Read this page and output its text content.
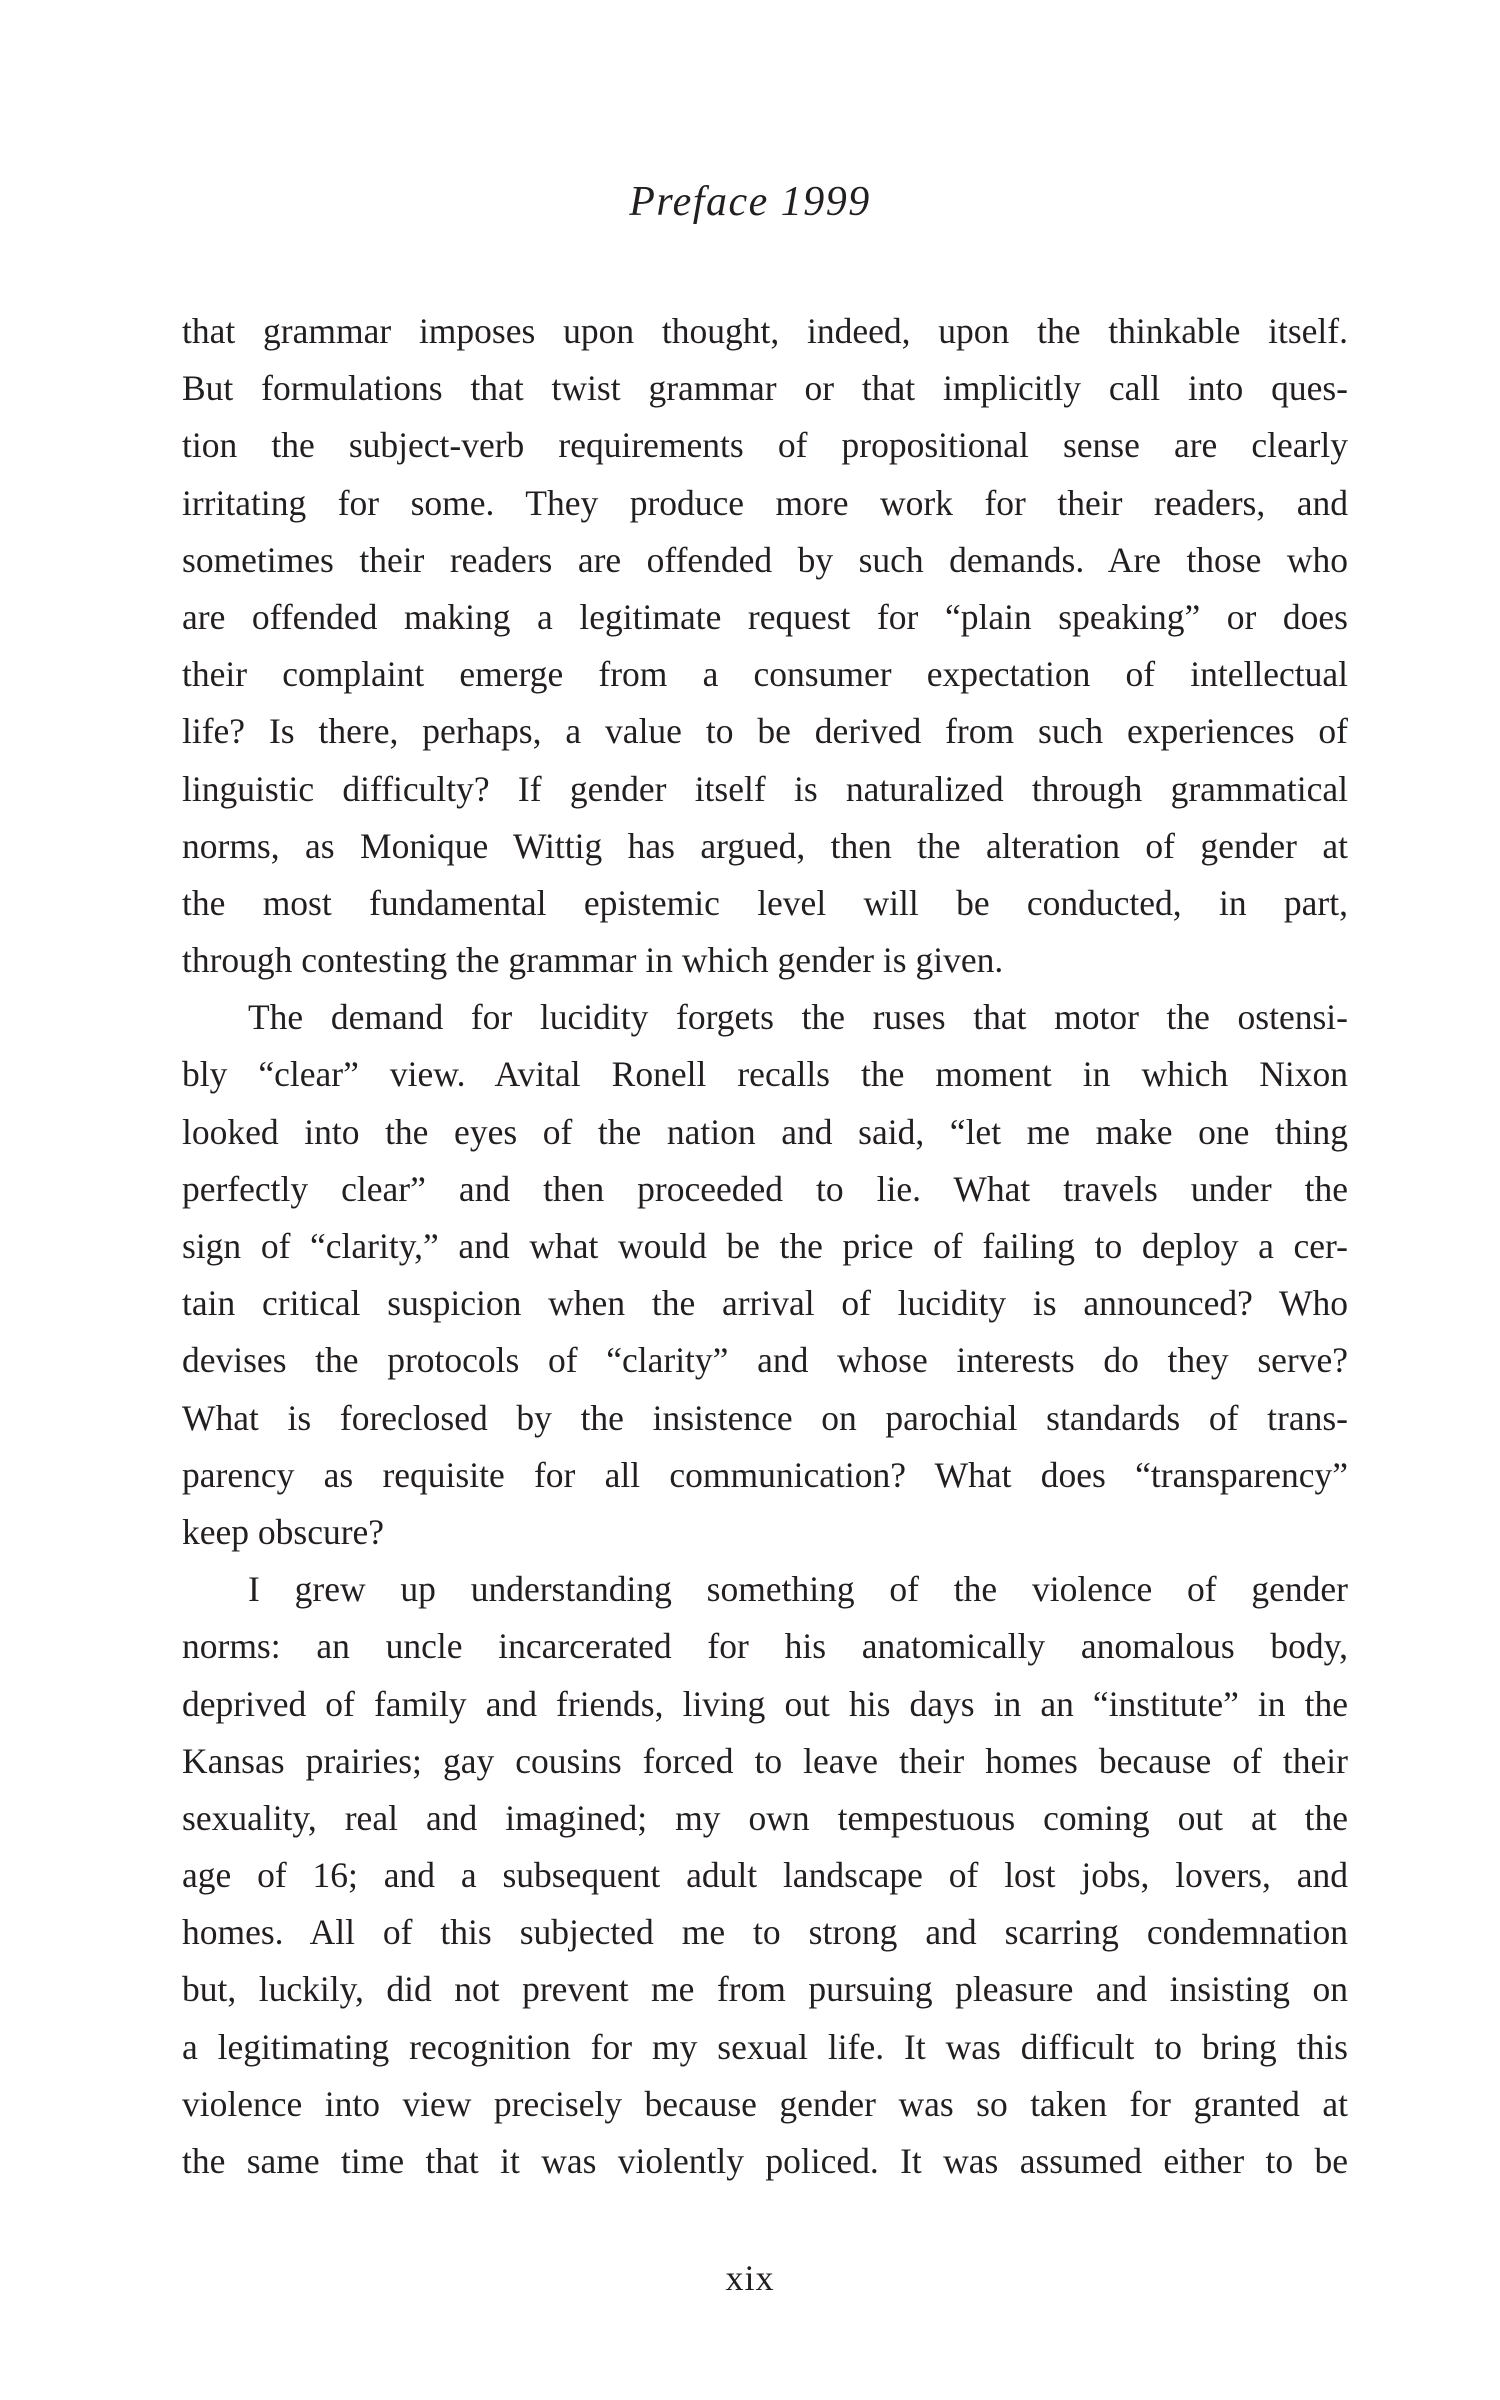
Preface 1999
that grammar imposes upon thought, indeed, upon the thinkable itself.
But formulations that twist grammar or that implicitly call into ques-
tion the subject-verb requirements of propositional sense are clearly
irritating for some. They produce more work for their readers, and
sometimes their readers are offended by such demands. Are those who
are offended making a legitimate request for “plain speaking” or does
their complaint emerge from a consumer expectation of intellectual
life? Is there, perhaps, a value to be derived from such experiences of
linguistic difficulty? If gender itself is naturalized through grammatical
norms, as Monique Wittig has argued, then the alteration of gender at
the most fundamental epistemic level will be conducted, in part,
through contesting the grammar in which gender is given.
The demand for lucidity forgets the ruses that motor the ostensi-
bly “clear” view. Avital Ronell recalls the moment in which Nixon
looked into the eyes of the nation and said, “let me make one thing
perfectly clear” and then proceeded to lie. What travels under the
sign of “clarity,” and what would be the price of failing to deploy a cer-
tain critical suspicion when the arrival of lucidity is announced? Who
devises the protocols of “clarity” and whose interests do they serve?
What is foreclosed by the insistence on parochial standards of trans-
parency as requisite for all communication? What does “transparency”
keep obscure?
I grew up understanding something of the violence of gender
norms: an uncle incarcerated for his anatomically anomalous body,
deprived of family and friends, living out his days in an “institute” in the
Kansas prairies; gay cousins forced to leave their homes because of their
sexuality, real and imagined; my own tempestuous coming out at the
age of 16; and a subsequent adult landscape of lost jobs, lovers, and
homes. All of this subjected me to strong and scarring condemnation
but, luckily, did not prevent me from pursuing pleasure and insisting on
a legitimating recognition for my sexual life. It was difficult to bring this
violence into view precisely because gender was so taken for granted at
the same time that it was violently policed. It was assumed either to be
xix
